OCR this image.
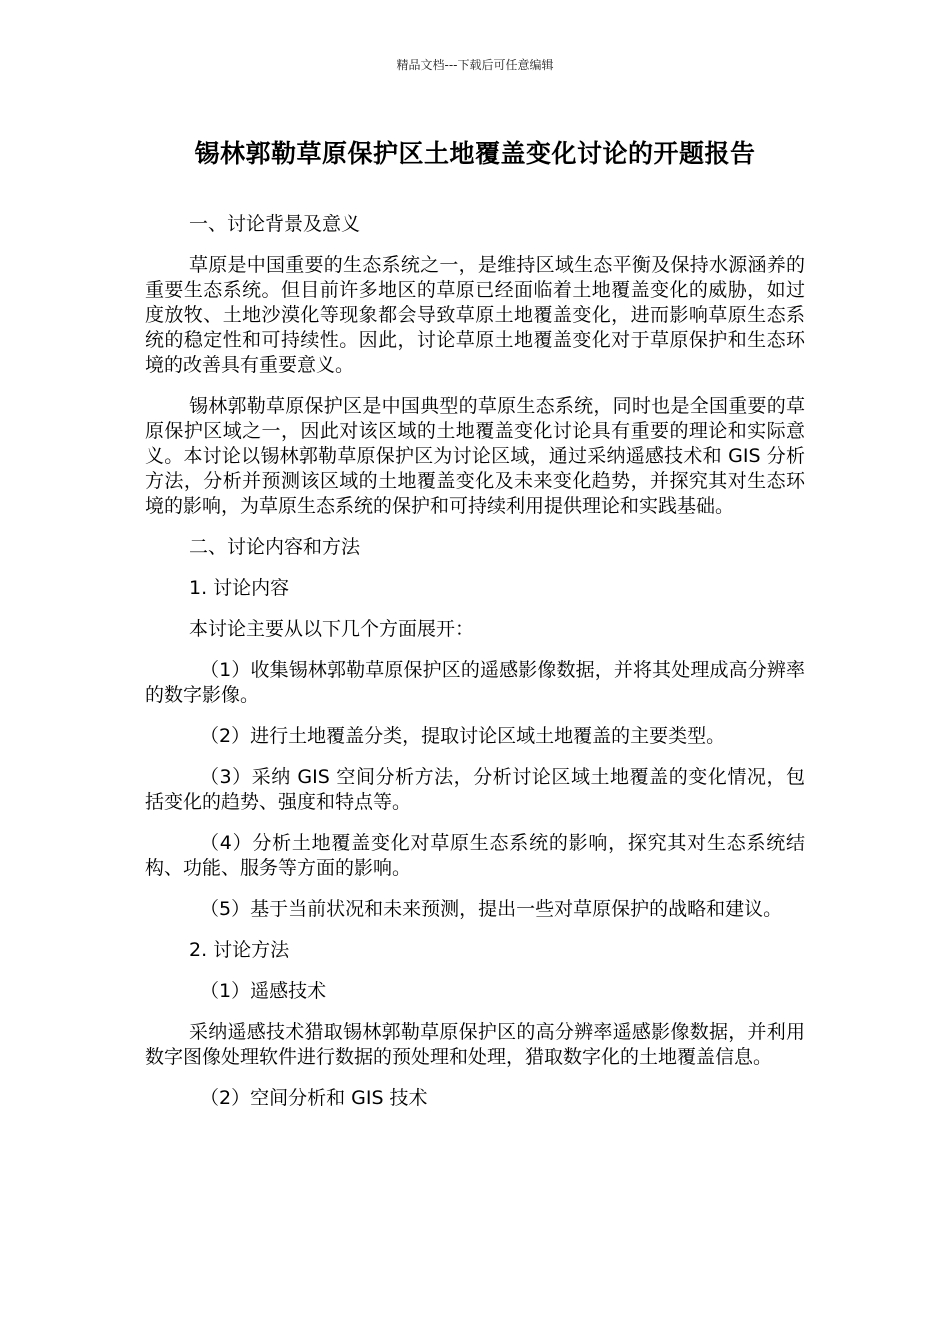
精品文档---下载后可任意编辑
锡林郭勒草原保护区土地覆盖变化讨论的开题报告

一、讨论背景及意义

草原是中国重要的生态系统之一，是维持区域生态平衡及保持水源涵养的重要生态系统。但目前许多地区的草原已经面临着土地覆盖变化的威胁，如过度放牧、土地沙漠化等现象都会导致草原土地覆盖变化，进而影响草原生态系统的稳定性和可持续性。因此，讨论草原土地覆盖变化对于草原保护和生态环境的改善具有重要意义。

锡林郭勒草原保护区是中国典型的草原生态系统，同时也是全国重要的草原保护区域之一，因此对该区域的土地覆盖变化讨论具有重要的理论和实际意义。本讨论以锡林郭勒草原保护区为讨论区域，通过采纳遥感技术和 GIS 分析方法，分析并预测该区域的土地覆盖变化及未来变化趋势，并探究其对生态环境的影响，为草原生态系统的保护和可持续利用提供理论和实践基础。

二、讨论内容和方法

1. 讨论内容

本讨论主要从以下几个方面展开：

（1）收集锡林郭勒草原保护区的遥感影像数据，并将其处理成高分辨率的数字影像。

（2）进行土地覆盖分类，提取讨论区域土地覆盖的主要类型。

（3）采纳 GIS 空间分析方法，分析讨论区域土地覆盖的变化情况，包括变化的趋势、强度和特点等。

（4）分析土地覆盖变化对草原生态系统的影响，探究其对生态系统结构、功能、服务等方面的影响。

（5）基于当前状况和未来预测，提出一些对草原保护的战略和建议。

2. 讨论方法

（1）遥感技术

采纳遥感技术猎取锡林郭勒草原保护区的高分辨率遥感影像数据，并利用数字图像处理软件进行数据的预处理和处理，猎取数字化的土地覆盖信息。

（2）空间分析和 GIS 技术
